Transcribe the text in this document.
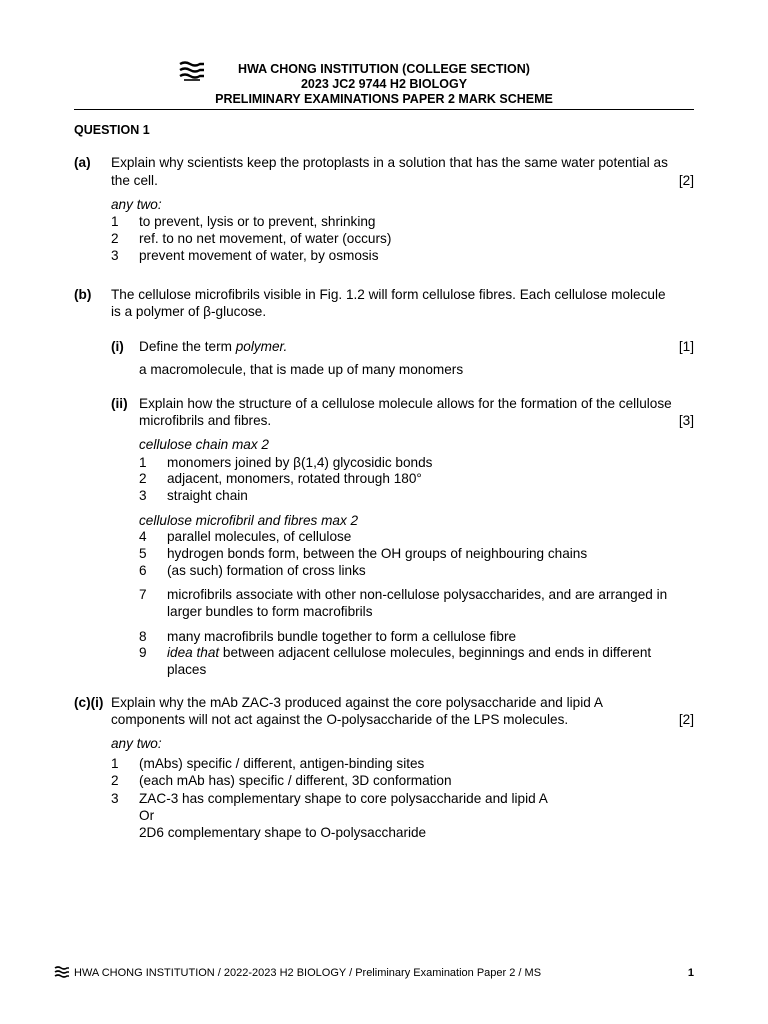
HWA CHONG INSTITUTION (COLLEGE SECTION)
2023 JC2 9744 H2 BIOLOGY
PRELIMINARY EXAMINATIONS PAPER 2 MARK SCHEME
QUESTION 1
(a) Explain why scientists keep the protoplasts in a solution that has the same water potential as
the cell.	[2]
any two:
1 to prevent, lysis or to prevent, shrinking
2 ref. to no net movement, of water (occurs)
3 prevent movement of water, by osmosis
(b) The cellulose microfibrils visible in Fig. 1.2 will form cellulose fibres. Each cellulose molecule
is a polymer of β-glucose.
(i) Define the term polymer.	[1]
a macromolecule, that is made up of many monomers
(ii) Explain how the structure of a cellulose molecule allows for the formation of the cellulose
microfibrils and fibres.	[3]
cellulose chain max 2
1 monomers joined by β(1,4) glycosidic bonds
2 adjacent, monomers, rotated through 180°
3 straight chain
cellulose microfibril and fibres max 2
4 parallel molecules, of cellulose
5 hydrogen bonds form, between the OH groups of neighbouring chains
6 (as such) formation of cross links
7 microfibrils associate with other non-cellulose polysaccharides, and are arranged in
larger bundles to form macrofibrils
8 many macrofibrils bundle together to form a cellulose fibre
9 idea that between adjacent cellulose molecules, beginnings and ends in different
places
(c)(i) Explain why the mAb ZAC-3 produced against the core polysaccharide and lipid A
components will not act against the O-polysaccharide of the LPS molecules.	[2]
any two:
1 (mAbs) specific / different, antigen-binding sites
2 (each mAb has) specific / different, 3D conformation
3 ZAC-3 has complementary shape to core polysaccharide and lipid A
Or
2D6 complementary shape to O-polysaccharide
HWA CHONG INSTITUTION / 2022-2023 H2 BIOLOGY / Preliminary Examination Paper 2 / MS	1
